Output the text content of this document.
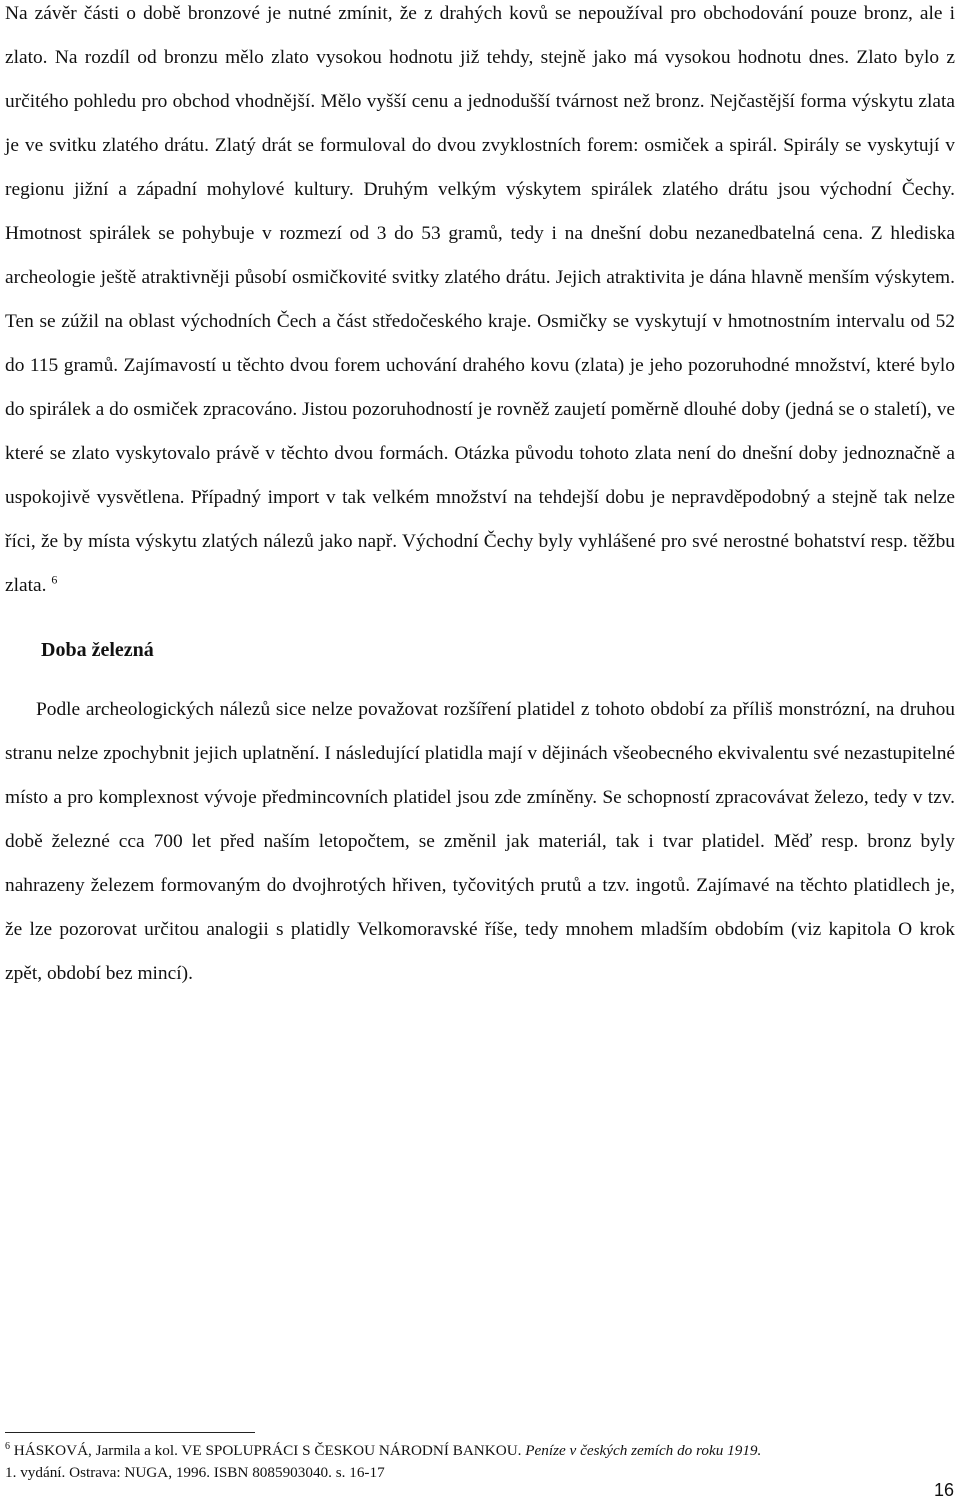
Na závěr části o době bronzové je nutné zmínit, že z drahých kovů se nepoužíval pro obchodování pouze bronz, ale i zlato. Na rozdíl od bronzu mělo zlato vysokou hodnotu již tehdy, stejně jako má vysokou hodnotu dnes. Zlato bylo z určitého pohledu pro obchod vhodnější. Mělo vyšší cenu a jednodušší tvárnost než bronz. Nejčastější forma výskytu zlata je ve svitku zlatého drátu. Zlatý drát se formuloval do dvou zvyklostních forem: osmiček a spirál. Spirály se vyskytují v regionu jižní a západní mohylové kultury. Druhým velkým výskytem spirálek zlatého drátu jsou východní Čechy. Hmotnost spirálek se pohybuje v rozmezí od 3 do 53 gramů, tedy i na dnešní dobu nezanedbatelná cena. Z hlediska archeologie ještě atraktivněji působí osmičkovité svitky zlatého drátu. Jejich atraktivita je dána hlavně menším výskytem. Ten se zúžil na oblast východních Čech a část středočeského kraje. Osmičky se vyskytují v hmotnostním intervalu od 52 do 115 gramů. Zajímavostí u těchto dvou forem uchování drahého kovu (zlata) je jeho pozoruhodné množství, které bylo do spirálek a do osmiček zpracováno. Jistou pozoruhodností je rovněž zaujetí poměrně dlouhé doby (jedná se o staletí), ve které se zlato vyskytovalo právě v těchto dvou formách. Otázka původu tohoto zlata není do dnešní doby jednoznačně a uspokojivě vysvětlena. Případný import v tak velkém množství na tehdejší dobu je nepravděpodobný a stejně tak nelze říci, že by místa výskytu zlatých nálezů jako např. Východní Čechy byly vyhlášené pro své nerostné bohatství resp. těžbu zlata. $^6$

Doba železná

Podle archeologických nálezů sice nelze považovat rozšíření platidel z tohoto období za příliš monstrózní, na druhou stranu nelze zpochybnit jejich uplatnění. I následující platidla mají v dějinách všeobecného ekvivalentu své nezastupitelné místo a pro komplexnost vývoje předmincovních platidel jsou zde zmíněny. Se schopností zpracovávat železo, tedy v tzv. době železné cca 700 let před naším letopočtem, se změnil jak materiál, tak i tvar platidel. Měď resp. bronz byly nahrazeny železem formovaným do dvojhrotých hřiven, tyčovitých prutů a tzv. ingotů. Zajímavé na těchto platidlech je, že lze pozorovat určitou analogii s platidly Velkomoravské říše, tedy mnohem mladším obdobím (viz kapitola O krok zpět, období bez mincí).

$^6$ HÁSKOVÁ, Jarmila a kol. VE SPOLUPRÁCI S ČESKOU NÁRODNÍ BANKOU. Peníze v českých zemích do roku 1919.
1. vydání. Ostrava: NUGA, 1996. ISBN 8085903040. s. 16-17
16
